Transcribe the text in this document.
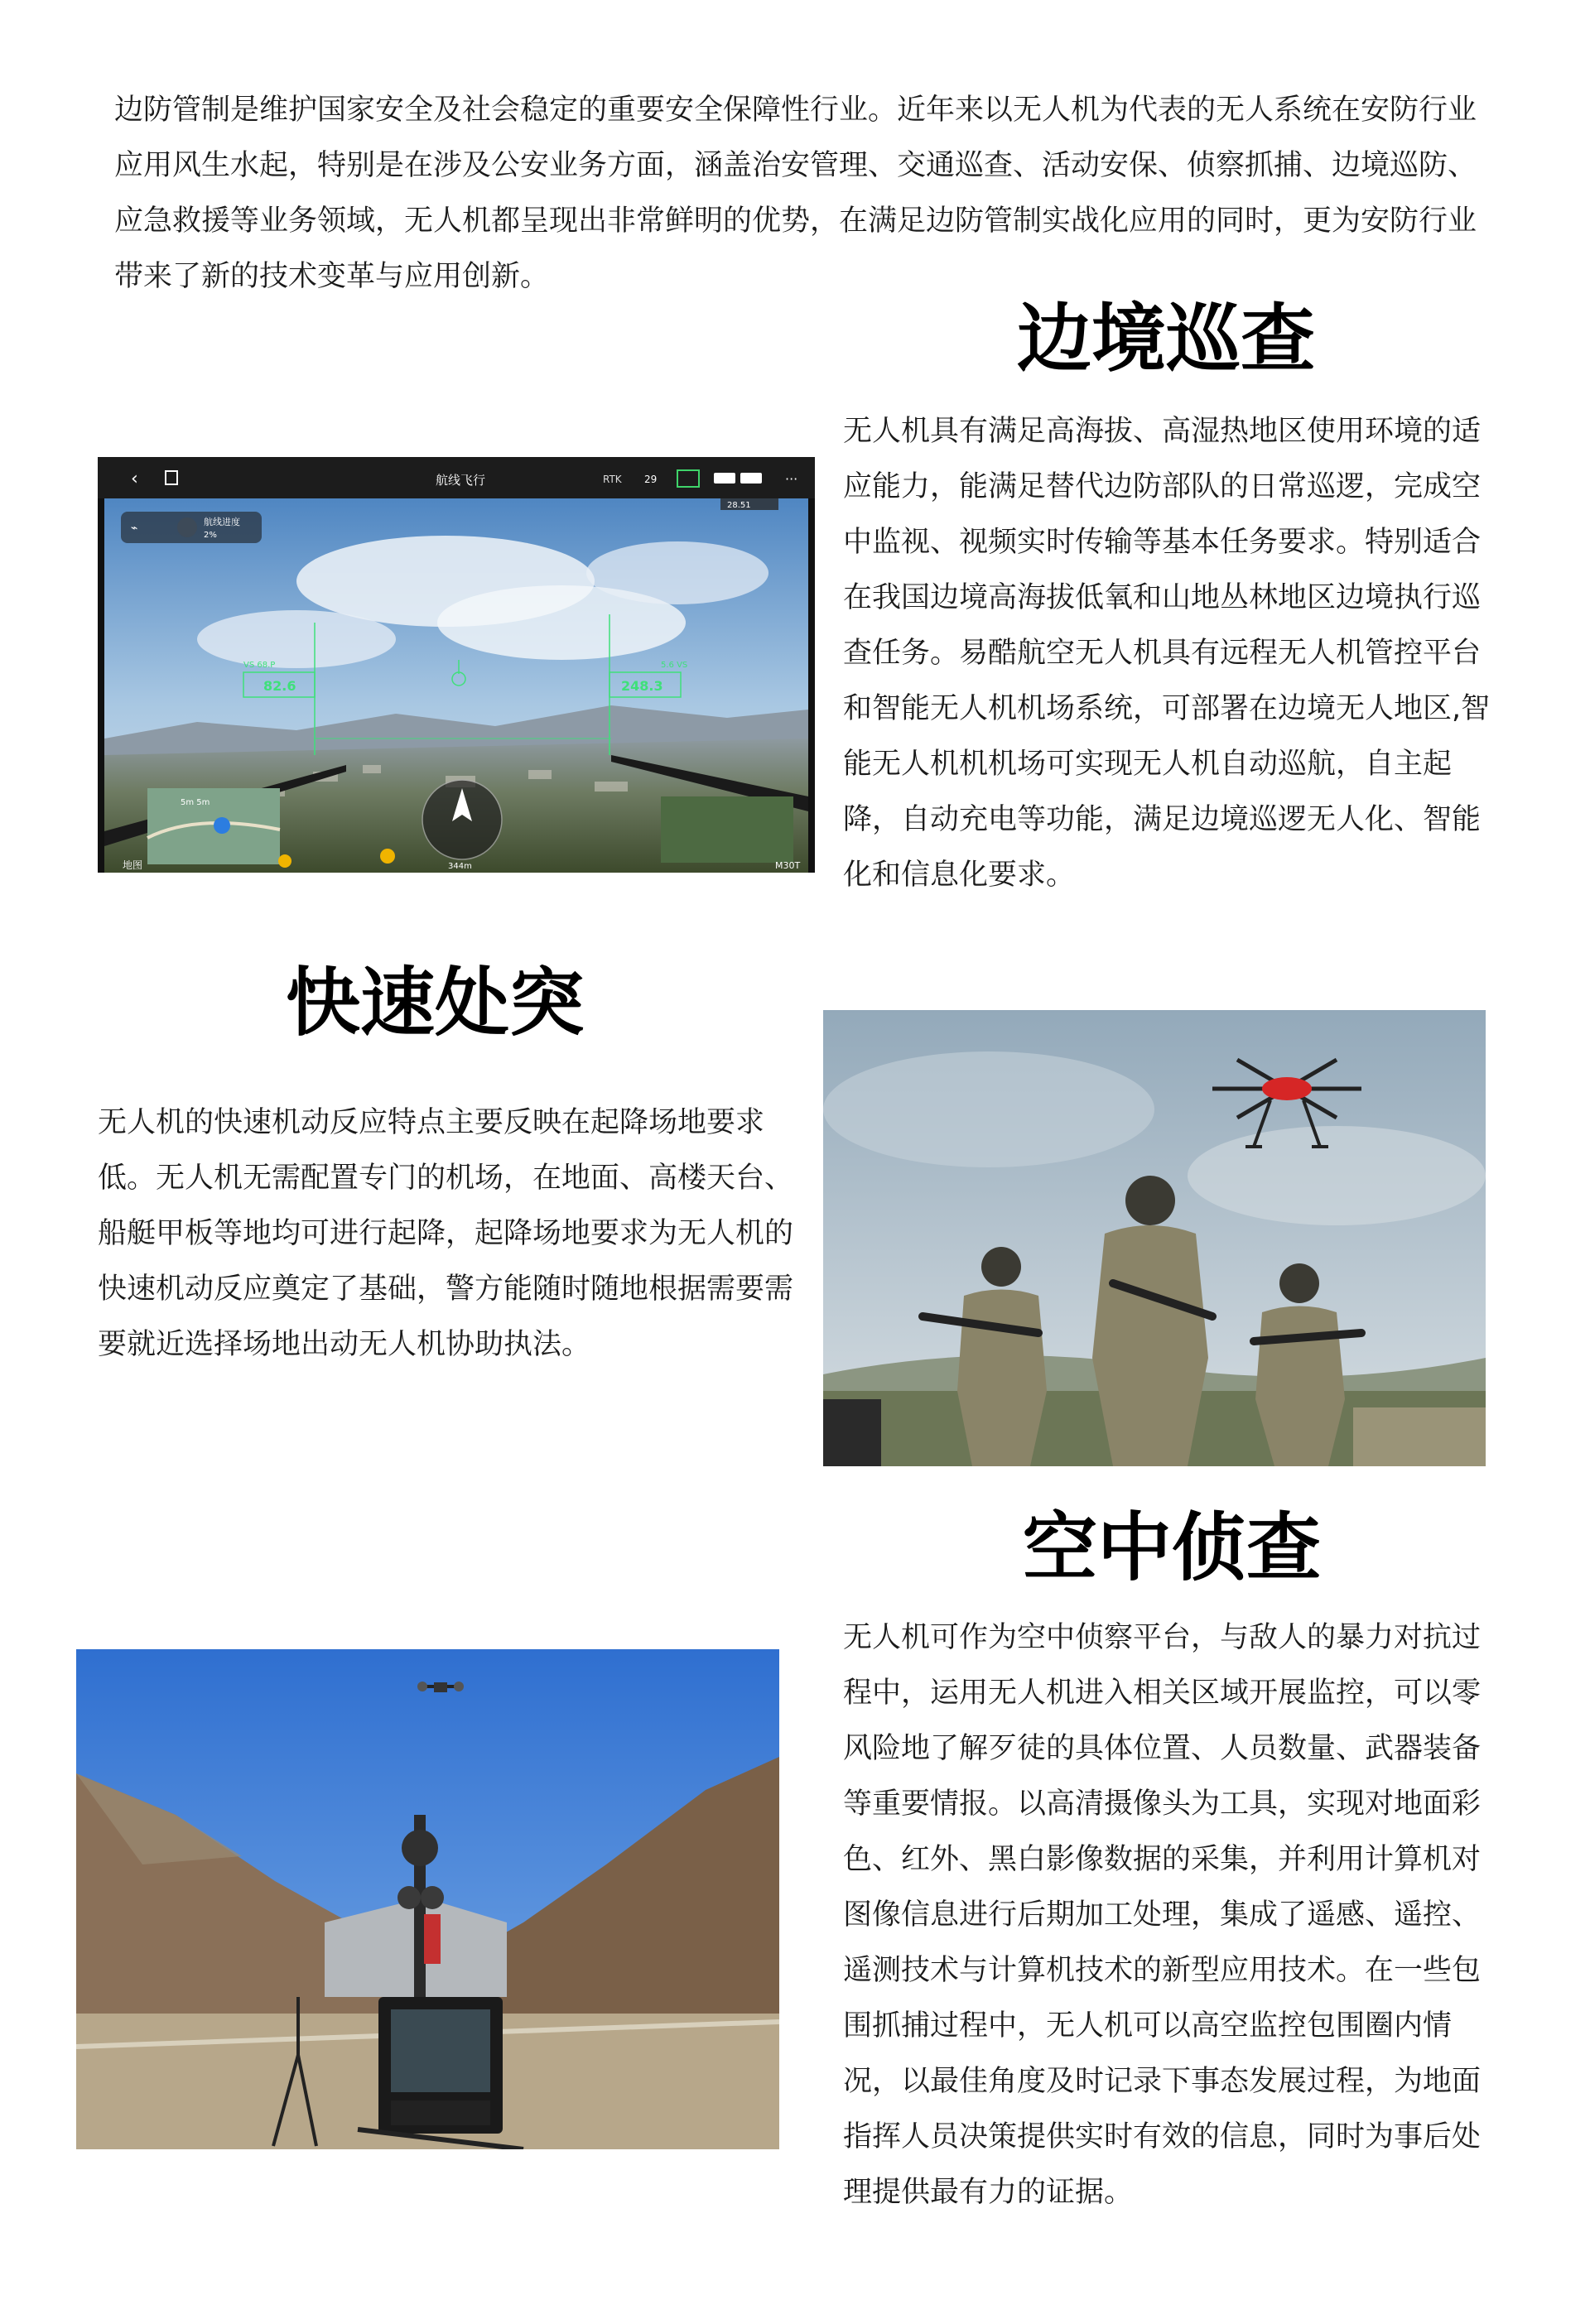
边防管制是维护国家安全及社会稳定的重要安全保障性行业。近年来以无人机为代表的无人系统在安防行业应用风生水起，特别是在涉及公安业务方面，涵盖治安管理、交通巡查、活动安保、侦察抓捕、边境巡防、应急救援等业务领域，无人机都呈现出非常鲜明的优势，在满足边防管制实战化应用的同时，更为安防行业带来了新的技术变革与应用创新。

边境巡查

无人机具有满足高海拔、高湿热地区使用环境的适应能力，能满足替代边防部队的日常巡逻，完成空中监视、视频实时传输等基本任务要求。特别适合在我国边境高海拔低氧和山地丛林地区边境执行巡查任务。易酷航空无人机具有远程无人机管控平台和智能无人机机场系统，可部署在边境无人地区,智能无人机机机场可实现无人机自动巡航，自主起降，自动充电等功能，满足边境巡逻无人化、智能化和信息化要求。

‹	航线飞行	RTK 29	···
28.51
航线进度
2%
⌁
82.6	248.3
VS 68.P	5.6 VS
344m
5m 5m
地图	M30T
快速处突

无人机的快速机动反应特点主要反映在起降场地要求低。无人机无需配置专门的机场，在地面、高楼天台、船艇甲板等地均可进行起降，起降场地要求为无人机的快速机动反应奠定了基础，警方能随时随地根据需要需要就近选择场地出动无人机协助执法。

空中侦查

无人机可作为空中侦察平台，与敌人的暴力对抗过程中，运用无人机进入相关区域开展监控，可以零风险地了解歹徒的具体位置、人员数量、武器装备等重要情报。以高清摄像头为工具，实现对地面彩色、红外、黑白影像数据的采集，并利用计算机对图像信息进行后期加工处理，集成了遥感、遥控、遥测技术与计算机技术的新型应用技术。在一些包围抓捕过程中，无人机可以高空监控包围圈内情况，以最佳角度及时记录下事态发展过程，为地面指挥人员决策提供实时有效的信息，同时为事后处理提供最有力的证据。
